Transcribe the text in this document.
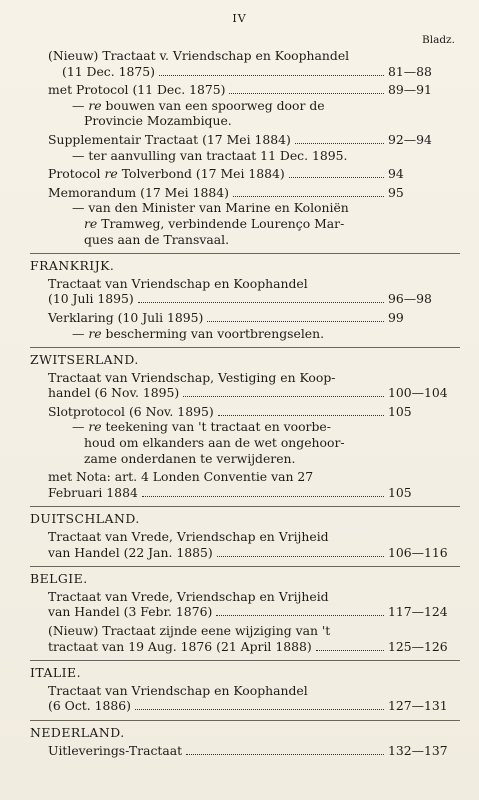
IV
Bladz.
(Nieuw) Tractaat v. Vriendschap en Koophandel
(11 Dec. 1875)	81—88
met Protocol (11 Dec. 1875)	89—91
— re bouwen van een spoorweg door de
Provincie Mozambique.
Supplementair Tractaat (17 Mei 1884)	92—94
— ter aanvulling van tractaat 11 Dec. 1895.
Protocol re Tolverbond (17 Mei 1884)	94
Memorandum (17 Mei 1884)	95
— van den Minister van Marine en Koloniën
re Tramweg, verbindende Lourenço Mar-
ques aan de Transvaal.
FRANKRIJK.
Tractaat van Vriendschap en Koophandel
(10 Juli 1895)	96—98
Verklaring (10 Juli 1895)	99
— re bescherming van voortbrengselen.
ZWITSERLAND.
Tractaat van Vriendschap, Vestiging en Koop-
handel (6 Nov. 1895)	100—104
Slotprotocol (6 Nov. 1895)	105
— re teekening van 't tractaat en voorbe-
houd om elkanders aan de wet ongehoor-
zame onderdanen te verwijderen.
met Nota: art. 4 Londen Conventie van 27
Februari 1884	105
DUITSCHLAND.
Tractaat van Vrede, Vriendschap en Vrijheid
van Handel (22 Jan. 1885)	106—116
BELGIE.
Tractaat van Vrede, Vriendschap en Vrijheid
van Handel (3 Febr. 1876)	117—124
(Nieuw) Tractaat zijnde eene wijziging van 't
tractaat van 19 Aug. 1876 (21 April 1888)	125—126
ITALIE.
Tractaat van Vriendschap en Koophandel
(6 Oct. 1886)	127—131
NEDERLAND.
Uitleverings-Tractaat	132—137
